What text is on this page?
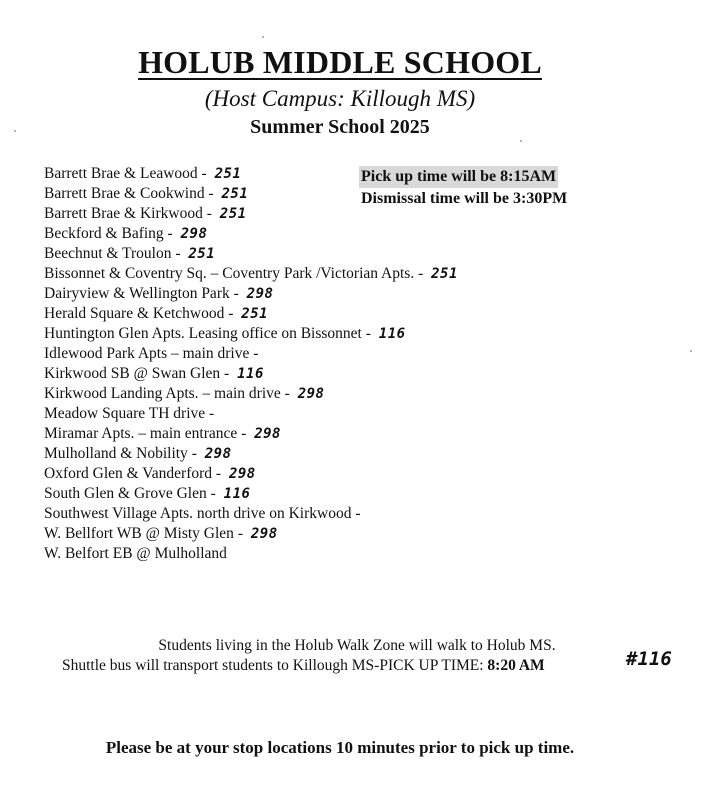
HOLUB MIDDLE SCHOOL
(Host Campus: Killough MS)
Summer School 2025
Pick up time will be 8:15AM
Dismissal time will be 3:30PM
Barrett Brae & Leawood - 251
Barrett Brae & Cookwind - 251
Barrett Brae & Kirkwood - 251
Beckford & Bafing - 298
Beechnut & Troulon - 251
Bissonnet & Coventry Sq. – Coventry Park /Victorian Apts. - 251
Dairyview & Wellington Park - 298
Herald Square & Ketchwood - 251
Huntington Glen Apts. Leasing office on Bissonnet - 116
Idlewood Park Apts – main drive -
Kirkwood SB @ Swan Glen - 116
Kirkwood Landing Apts. – main drive - 298
Meadow Square TH drive -
Miramar Apts. – main entrance - 298
Mulholland & Nobility - 298
Oxford Glen & Vanderford - 298
South Glen & Grove Glen - 116
Southwest Village Apts. north drive on Kirkwood -
W. Bellfort WB @ Misty Glen - 298
W. Belfort EB @ Mulholland
Students living in the Holub Walk Zone will walk to Holub MS.
Shuttle bus will transport students to Killough MS-PICK UP TIME: 8:20 AM	#116
Please be at your stop locations 10 minutes prior to pick up time.
